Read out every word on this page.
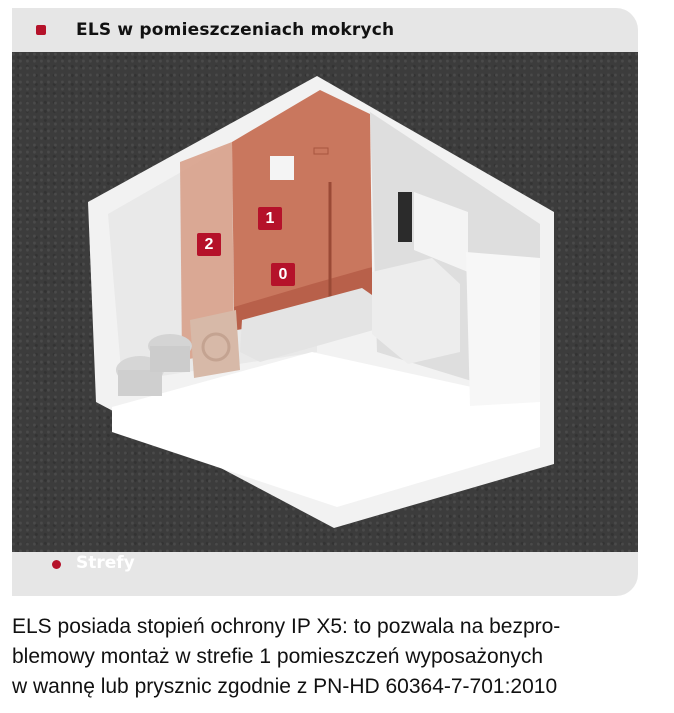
ELS w pomieszczeniach mokrych
2
1
0
Strefy
ELS posiada stopień ochrony IP X5: to pozwala na bezpro-
blemowy montaż w strefie 1 pomieszczeń wyposażonych
w wannę lub prysznic zgodnie z PN-HD 60364-7-701:2010
